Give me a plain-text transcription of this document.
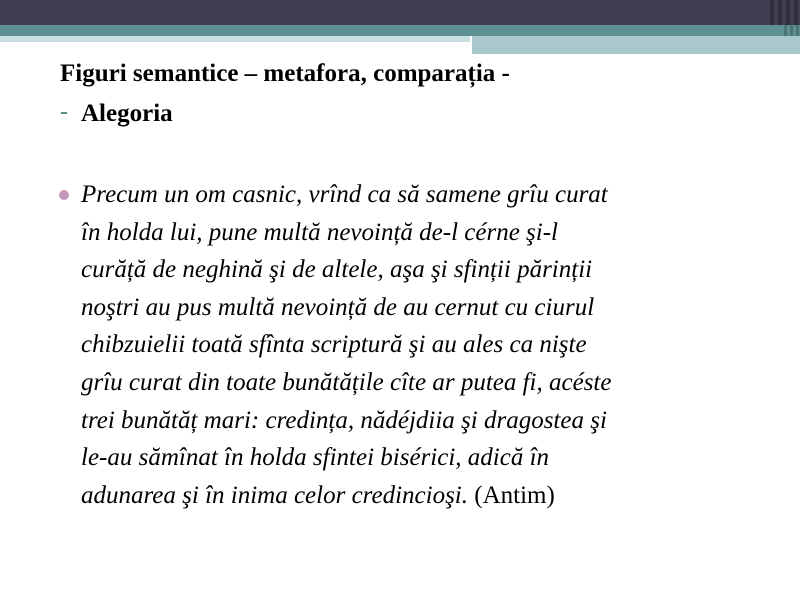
Figuri semantice – metafora, comparația -
- Alegoria
Precum un om casnic, vrînd ca să samene grîu curat
în holda lui, pune multă nevoință de-l cérne şi-l
curăță de neghină şi de altele, aşa şi sfinții părinții
noştri au pus multă nevoință de au cernut cu ciurul
chibzuielii toată sfînta scriptură şi au ales ca nişte
grîu curat din toate bunătățile cîte ar putea fi, acéste
trei bunătăț mari: credința, nădéjdiia şi dragostea şi
le-au sămînat în holda sfintei bisérici, adică în
adunarea şi în inima celor credincioşi. (Antim)
